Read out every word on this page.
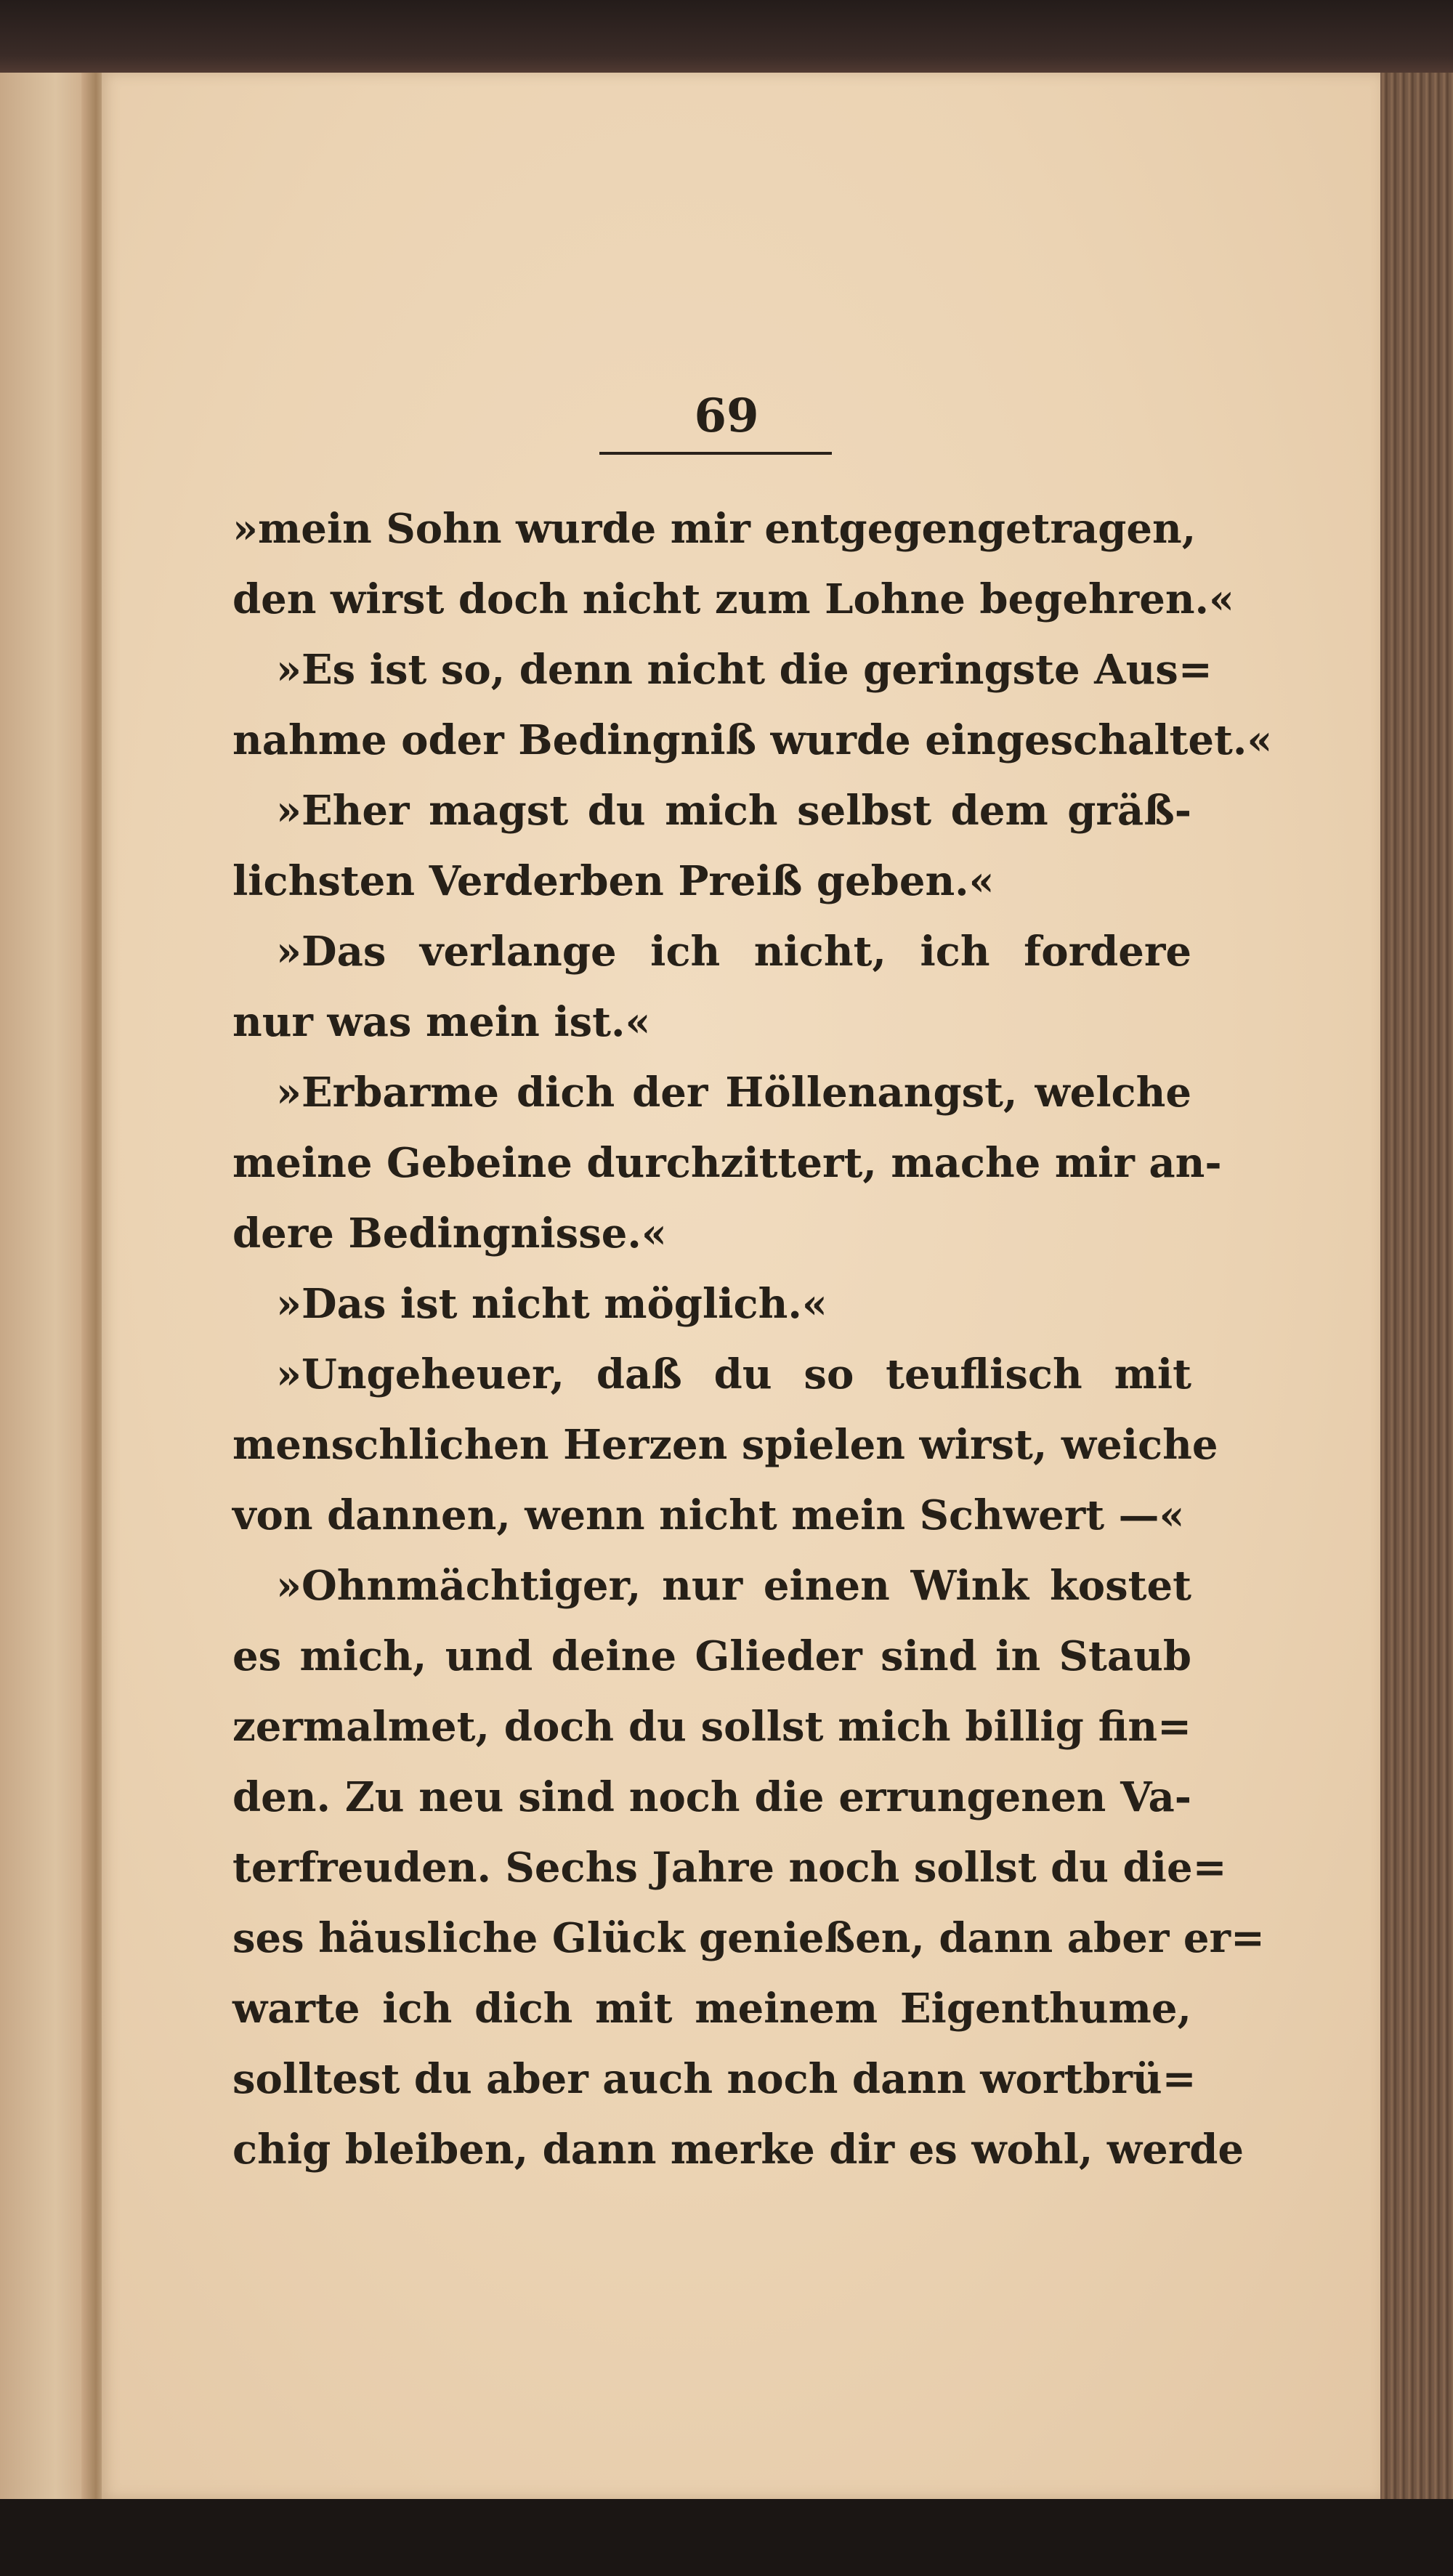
69
»mein Sohn wurde mir entgegengetragen,
den wirst doch nicht zum Lohne begehren.«
»Es ist so, denn nicht die geringste Aus=
nahme oder Bedingniß wurde eingeschaltet.«
»Eher magst du mich selbst dem gräß-
lichsten Verderben Preiß geben.«
»Das verlange ich nicht, ich fordere
nur was mein ist.«
»Erbarme dich der Höllenangst, welche
meine Gebeine durchzittert, mache mir an-
dere Bedingnisse.«
»Das ist nicht möglich.«
»Ungeheuer, daß du so teuflisch mit
menschlichen Herzen spielen wirst, weiche
von dannen, wenn nicht mein Schwert —«
»Ohnmächtiger, nur einen Wink kostet
es mich, und deine Glieder sind in Staub
zermalmet, doch du sollst mich billig fin=
den. Zu neu sind noch die errungenen Va-
terfreuden. Sechs Jahre noch sollst du die=
ses häusliche Glück genießen, dann aber er=
warte ich dich mit meinem Eigenthume,
solltest du aber auch noch dann wortbrü=
chig bleiben, dann merke dir es wohl, werde
